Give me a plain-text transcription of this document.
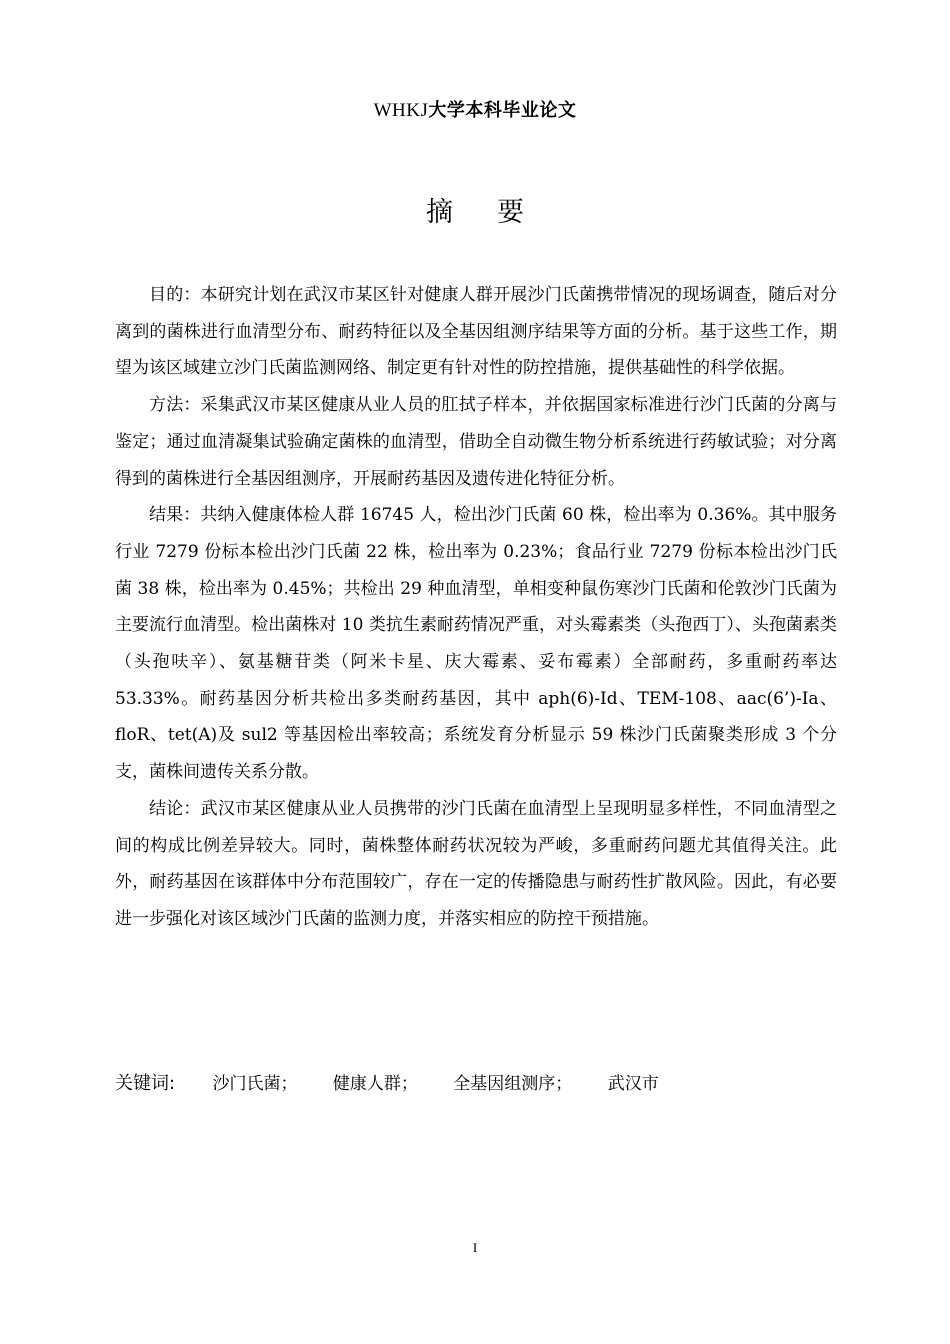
WHKJ大学本科毕业论文
摘要

目的：本研究计划在武汉市某区针对健康人群开展沙门氏菌携带情况的现场调查，随后对分离到的菌株进行血清型分布、耐药特征以及全基因组测序结果等方面的分析。基于这些工作，期望为该区域建立沙门氏菌监测网络、制定更有针对性的防控措施，提供基础性的科学依据。

方法：采集武汉市某区健康从业人员的肛拭子样本，并依据国家标准进行沙门氏菌的分离与鉴定；通过血清凝集试验确定菌株的血清型，借助全自动微生物分析系统进行药敏试验；对分离得到的菌株进行全基因组测序，开展耐药基因及遗传进化特征分析。

结果：共纳入健康体检人群 16745 人，检出沙门氏菌 60 株，检出率为 0.36%。其中服务行业 7279 份标本检出沙门氏菌 22 株，检出率为 0.23%；食品行业 7279 份标本检出沙门氏菌 38 株，检出率为 0.45%；共检出 29 种血清型，单相变种鼠伤寒沙门氏菌和伦敦沙门氏菌为主要流行血清型。检出菌株对 10 类抗生素耐药情况严重，对头霉素类（头孢西丁）、头孢菌素类（头孢呋辛）、氨基糖苷类（阿米卡星、庆大霉素、妥布霉素）全部耐药，多重耐药率达 53.33%。耐药基因分析共检出多类耐药基因，其中 aph(6)-Id、TEM-108、aac(6’)-Ia、floR、tet(A)及 sul2 等基因检出率较高；系统发育分析显示 59 株沙门氏菌聚类形成 3 个分支，菌株间遗传关系分散。

结论：武汉市某区健康从业人员携带的沙门氏菌在血清型上呈现明显多样性，不同血清型之间的构成比例差异较大。同时，菌株整体耐药状况较为严峻，多重耐药问题尤其值得关注。此外，耐药基因在该群体中分布范围较广，存在一定的传播隐患与耐药性扩散风险。因此，有必要进一步强化对该区域沙门氏菌的监测力度，并落实相应的防控干预措施。

关键词: 沙门氏菌； 健康人群； 全基因组测序； 武汉市
I
